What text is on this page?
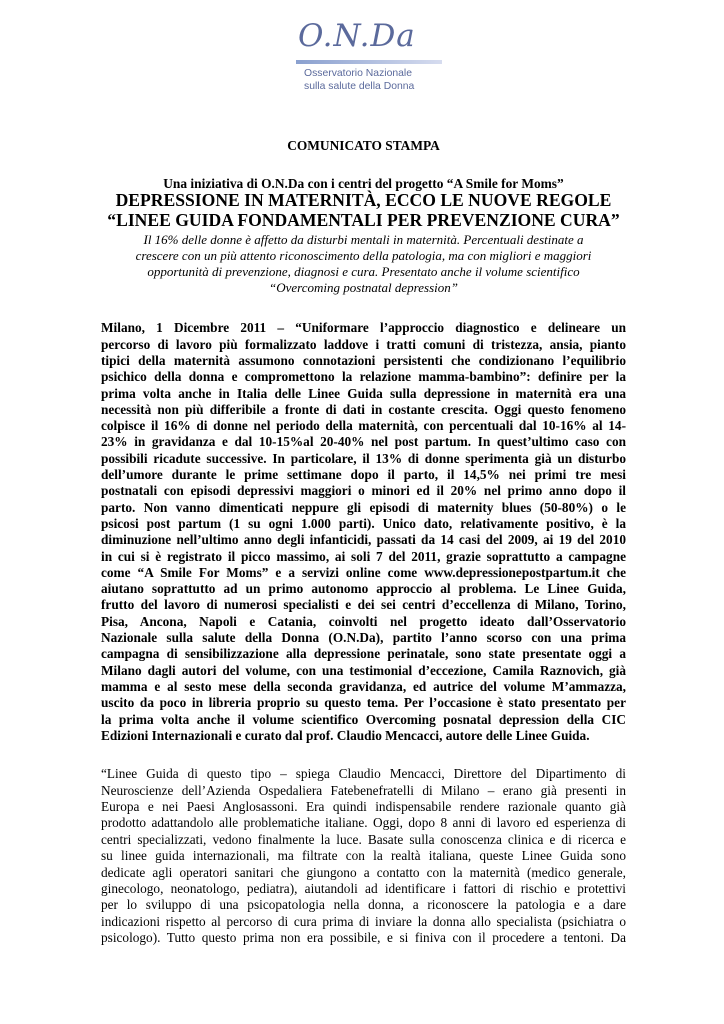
O.N.Da
Osservatorio Nazionale
sulla salute della Donna

COMUNICATO STAMPA

Una iniziativa di O.N.Da con i centri del progetto “A Smile for Moms”

DEPRESSIONE IN MATERNITÀ, ECCO LE NUOVE REGOLE

“LINEE GUIDA FONDAMENTALI PER PREVENZIONE CURA”

Il 16% delle donne è affetto da disturbi mentali in maternità. Percentuali destinate a
crescere con un più attento riconoscimento della patologia, ma con migliori e maggiori
opportunità di prevenzione, diagnosi e cura. Presentato anche il volume scientifico
“Overcoming postnatal depression”
Milano, 1 Dicembre 2011 – “Uniformare l’approccio diagnostico e delineare un
percorso di lavoro più formalizzato laddove i tratti comuni di tristezza, ansia, pianto
tipici della maternità assumono connotazioni persistenti che condizionano l’equilibrio
psichico della donna e compromettono la relazione mamma-bambino”: definire per la
prima volta anche in Italia delle Linee Guida sulla depressione in maternità era una
necessità non più differibile a fronte di dati in costante crescita. Oggi questo fenomeno
colpisce il 16% di donne nel periodo della maternità, con percentuali dal 10-16% al 14-
23% in gravidanza e dal 10-15%al 20-40% nel post partum. In quest’ultimo caso con
possibili ricadute successive. In particolare, il 13% di donne sperimenta già un disturbo
dell’umore durante le prime settimane dopo il parto, il 14,5% nei primi tre mesi
postnatali con episodi depressivi maggiori o minori ed il 20% nel primo anno dopo il
parto. Non vanno dimenticati neppure gli episodi di maternity blues (50-80%) o le
psicosi post partum (1 su ogni 1.000 parti). Unico dato, relativamente positivo, è la
diminuzione nell’ultimo anno degli infanticidi, passati da 14 casi del 2009, ai 19 del 2010
in cui si è registrato il picco massimo, ai soli 7 del 2011, grazie soprattutto a campagne
come “A Smile For Moms” e a servizi online come www.depressionepostpartum.it che
aiutano soprattutto ad un primo autonomo approccio al problema. Le Linee Guida,
frutto del lavoro di numerosi specialisti e dei sei centri d’eccellenza di Milano, Torino,
Pisa, Ancona, Napoli e Catania, coinvolti nel progetto ideato dall’Osservatorio
Nazionale sulla salute della Donna (O.N.Da), partito l’anno scorso con una prima
campagna di sensibilizzazione alla depressione perinatale, sono state presentate oggi a
Milano dagli autori del volume, con una testimonial d’eccezione, Camila Raznovich, già
mamma e al sesto mese della seconda gravidanza, ed autrice del volume M’ammazza,
uscito da poco in libreria proprio su questo tema. Per l’occasione è stato presentato per
la prima volta anche il volume scientifico Overcoming posnatal depression della CIC
Edizioni Internazionali e curato dal prof. Claudio Mencacci, autore delle Linee Guida.
“Linee Guida di questo tipo – spiega Claudio Mencacci, Direttore del Dipartimento di
Neuroscienze dell’Azienda Ospedaliera Fatebenefratelli di Milano – erano già presenti in
Europa e nei Paesi Anglosassoni. Era quindi indispensabile rendere razionale quanto già
prodotto adattandolo alle problematiche italiane. Oggi, dopo 8 anni di lavoro ed esperienza di
centri specializzati, vedono finalmente la luce. Basate sulla conoscenza clinica e di ricerca e
su linee guida internazionali, ma filtrate con la realtà italiana, queste Linee Guida sono
dedicate agli operatori sanitari che giungono a contatto con la maternità (medico generale,
ginecologo, neonatologo, pediatra), aiutandoli ad identificare i fattori di rischio e protettivi
per lo sviluppo di una psicopatologia nella donna, a riconoscere la patologia e a dare
indicazioni rispetto al percorso di cura prima di inviare la donna allo specialista (psichiatra o
psicologo). Tutto questo prima non era possibile, e si finiva con il procedere a tentoni. Da
